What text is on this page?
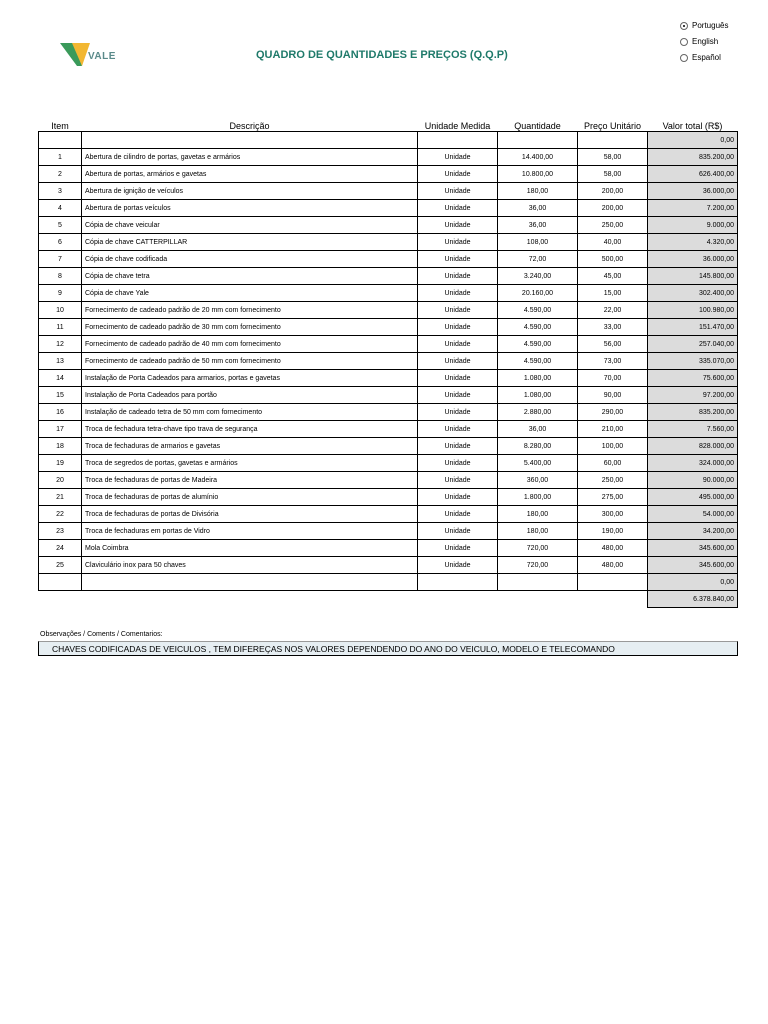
VALE	QUADRO DE QUANTIDADES E PREÇOS (Q.Q.P)
Português
English
Español
Item	Descrição	Unidade Medida	Quantidade	Preço Unitário	Valor total (R$)
					0,00
1	Abertura de cilindro de portas, gavetas e armários	Unidade	14.400,00	58,00	835.200,00
2	Abertura de portas, armários e gavetas	Unidade	10.800,00	58,00	626.400,00
3	Abertura de ignição de veículos	Unidade	180,00	200,00	36.000,00
4	Abertura de portas veículos	Unidade	36,00	200,00	7.200,00
5	Cópia de chave veicular	Unidade	36,00	250,00	9.000,00
6	Cópia de chave CATTERPILLAR	Unidade	108,00	40,00	4.320,00
7	Cópia de chave codificada	Unidade	72,00	500,00	36.000,00
8	Cópia de chave tetra	Unidade	3.240,00	45,00	145.800,00
9	Cópia de chave Yale	Unidade	20.160,00	15,00	302.400,00
10	Fornecimento de cadeado padrão de 20 mm com fornecimento	Unidade	4.590,00	22,00	100.980,00
11	Fornecimento de cadeado padrão de 30 mm com fornecimento	Unidade	4.590,00	33,00	151.470,00
12	Fornecimento de cadeado padrão de 40 mm com fornecimento	Unidade	4.590,00	56,00	257.040,00
13	Fornecimento de cadeado padrão de 50 mm com fornecimento	Unidade	4.590,00	73,00	335.070,00
14	Instalação de Porta Cadeados para armarios, portas e gavetas	Unidade	1.080,00	70,00	75.600,00
15	Instalação de Porta Cadeados para portão	Unidade	1.080,00	90,00	97.200,00
16	Instalação de cadeado tetra de 50 mm com fornecimento	Unidade	2.880,00	290,00	835.200,00
17	Troca de fechadura tetra-chave tipo trava de segurança	Unidade	36,00	210,00	7.560,00
18	Troca de fechaduras de armarios e gavetas	Unidade	8.280,00	100,00	828.000,00
19	Troca de segredos de portas, gavetas e armários	Unidade	5.400,00	60,00	324.000,00
20	Troca de fechaduras de portas de Madeira	Unidade	360,00	250,00	90.000,00
21	Troca de fechaduras de portas de alumínio	Unidade	1.800,00	275,00	495.000,00
22	Troca de fechaduras de portas de Divisória	Unidade	180,00	300,00	54.000,00
23	Troca de fechaduras em portas de Vidro	Unidade	180,00	190,00	34.200,00
24	Mola Coimbra	Unidade	720,00	480,00	345.600,00
25	Claviculário inox para 50 chaves	Unidade	720,00	480,00	345.600,00
					0,00
					6.378.840,00
Observações / Coments / Comentarios:
CHAVES CODIFICADAS DE VEICULOS , TEM DIFEREÇAS NOS VALORES DEPENDENDO DO ANO DO VEICULO, MODELO E TELECOMANDO
